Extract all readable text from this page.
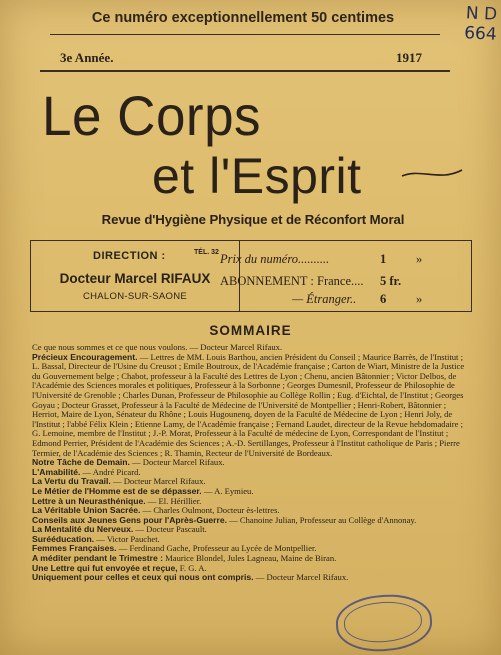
Ce numéro exceptionnellement 50 centimes	N D
664
3e Année.	1917
Le Corps
et l'Esprit
Revue d'Hygiène Physique et de Réconfort Moral
DIRECTION :	TÉL. 32
Docteur Marcel RIFAUX
CHALON-SUR-SAONE
Prix du numéro..........	1 »
ABONNEMENT : France.... 5 fr.
— Étranger.. 6 »
SOMMAIRE

Ce que nous sommes et ce que nous voulons. — Docteur Marcel Rifaux.

Précieux Encouragement. — Lettres de MM. Louis Barthou, ancien Président du Conseil ; Maurice Barrès, de l'Institut ; L. Bassal, Directeur de l'Usine du Creusot ; Emile Boutroux, de l'Académie française ; Carton de Wiart, Ministre de la Justice du Gouvernement belge ; Chabot, professeur à la Faculté des Lettres de Lyon ; Chenu, ancien Bâtonnier ; Victor Delbos, de l'Académie des Sciences morales et politiques, Professeur à la Sorbonne ; Georges Dumesnil, Professeur de Philosophie de l'Université de Grenoble ; Charles Dunan, Professeur de Philosophie au Collège Rollin ; Eug. d'Eichtal, de l'Institut ; Georges Goyau ; Docteur Grasset, Professeur à la Faculté de Médecine de l'Université de Montpellier ; Henri-Robert, Bâtonnier ; Herriot, Maire de Lyon, Sénateur du Rhône ; Louis Hugounenq, doyen de la Faculté de Médecine de Lyon ; Henri Joly, de l'Institut ; l'abbé Félix Klein ; Etienne Lamy, de l'Académie française ; Fernand Laudet, directeur de la Revue hebdomadaire ; G. Lemoine, membre de l'Institut ; J.-P. Morat, Professeur à la Faculté de médecine de Lyon, Correspondant de l'Institut ; Edmond Perrier, Président de l'Académie des Sciences ; A.-D. Sertillanges, Professeur à l'Institut catholique de Paris ; Pierre Termier, de l'Académie des Sciences ; R. Thamin, Recteur de l'Université de Bordeaux.

Notre Tâche de Demain. — Docteur Marcel Rifaux.

L'Amabilité. — André Picard.

La Vertu du Travail. — Docteur Marcel Rifaux.

Le Métier de l'Homme est de se dépasser. — A. Eymieu.

Lettre à un Neurasthénique. — El. Hérillier.

La Véritable Union Sacrée. — Charles Oulmont, Docteur ès-lettres.

Conseils aux Jeunes Gens pour l'Après-Guerre. — Chanoine Julian, Professeur au Collège d'Annonay.

La Mentalité du Nerveux. — Docteur Pascault.

Surééducation. — Victor Pauchet.

Femmes Françaises. — Ferdinand Gache, Professeur au Lycée de Montpellier.

A méditer pendant le Trimestre : Maurice Blondel, Jules Lagneau, Maine de Biran.

Une Lettre qui fut envoyée et reçue, F. G. A.

Uniquement pour celles et ceux qui nous ont compris. — Docteur Marcel Rifaux.
